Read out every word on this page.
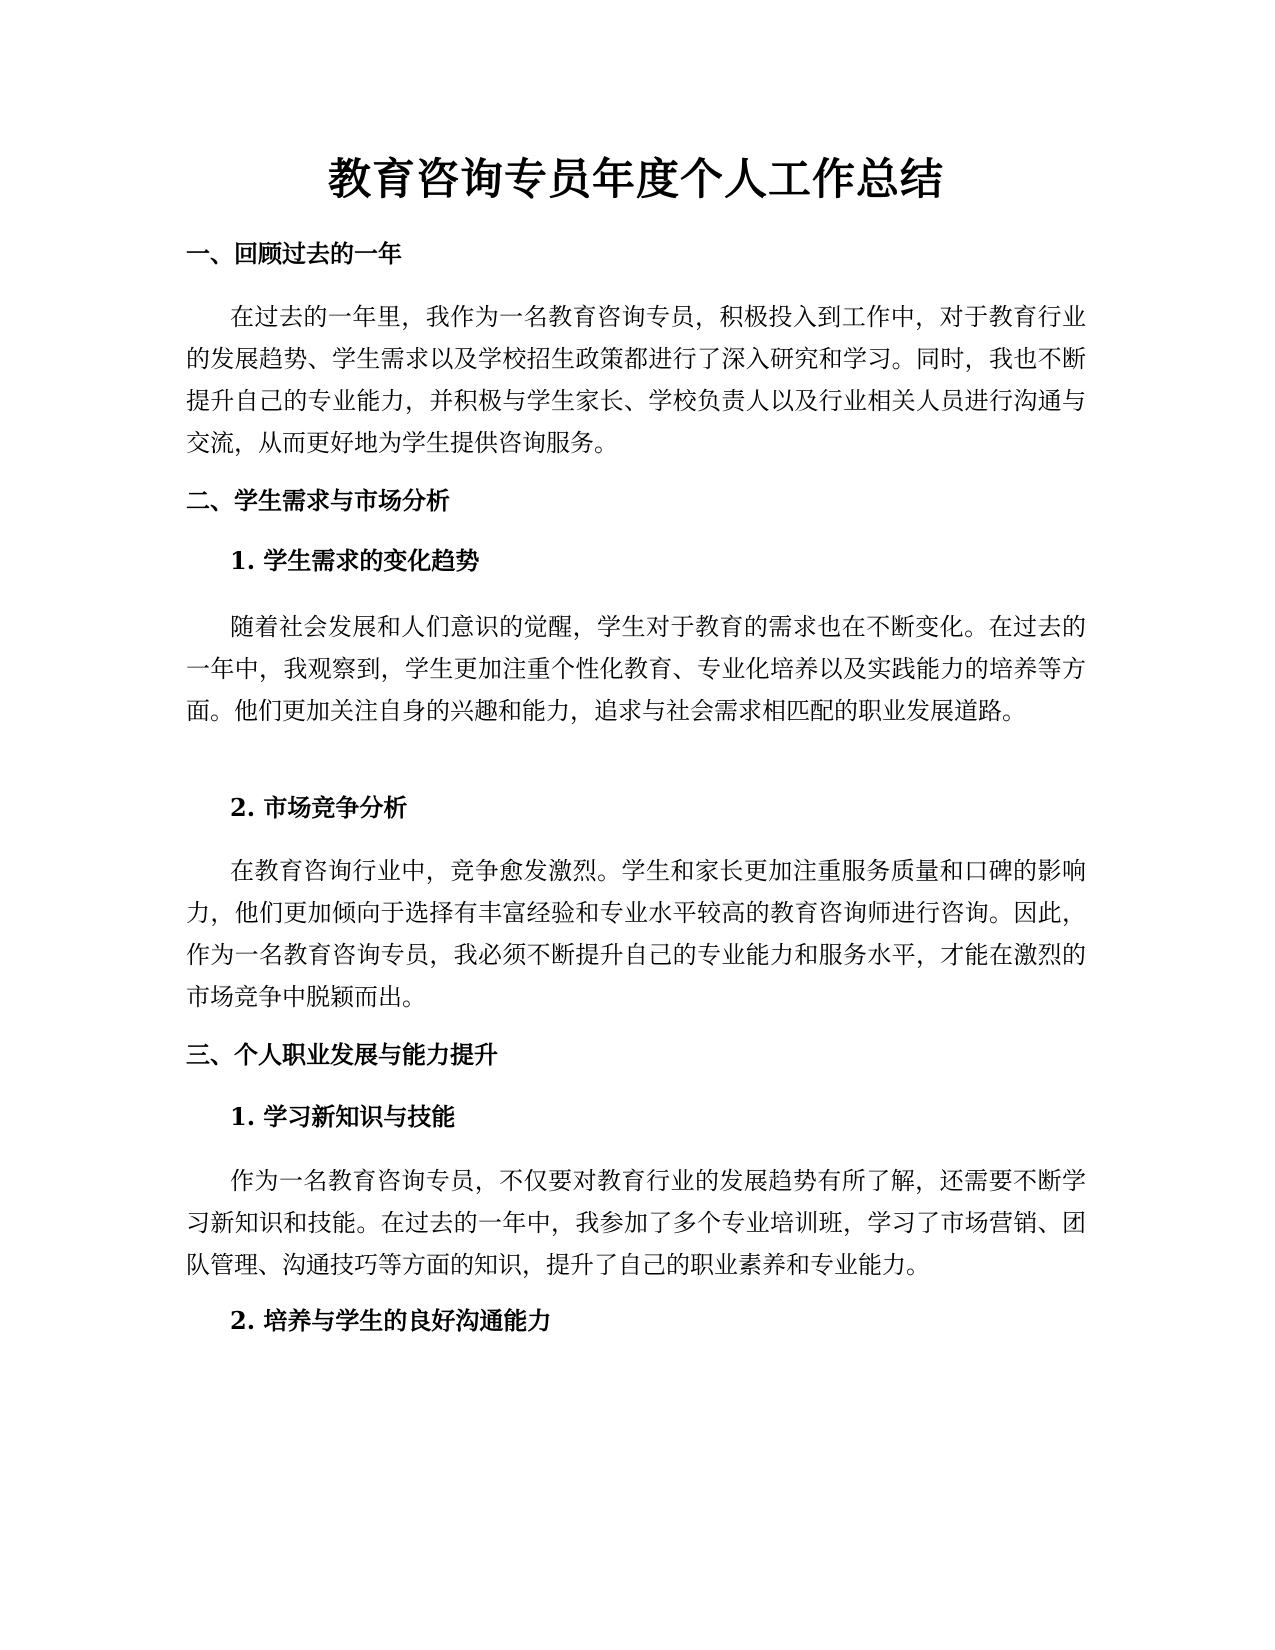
教育咨询专员年度个人工作总结
一、回顾过去的一年

在过去的一年里，我作为一名教育咨询专员，积极投入到工作中，对于教育行业的发展趋势、学生需求以及学校招生政策都进行了深入研究和学习。同时，我也不断提升自己的专业能力，并积极与学生家长、学校负责人以及行业相关人员进行沟通与交流，从而更好地为学生提供咨询服务。

二、学生需求与市场分析
1. 学生需求的变化趋势

随着社会发展和人们意识的觉醒，学生对于教育的需求也在不断变化。在过去的一年中，我观察到，学生更加注重个性化教育、专业化培养以及实践能力的培养等方面。他们更加关注自身的兴趣和能力，追求与社会需求相匹配的职业发展道路。

2. 市场竞争分析

在教育咨询行业中，竞争愈发激烈。学生和家长更加注重服务质量和口碑的影响力，他们更加倾向于选择有丰富经验和专业水平较高的教育咨询师进行咨询。因此，作为一名教育咨询专员，我必须不断提升自己的专业能力和服务水平，才能在激烈的市场竞争中脱颖而出。

三、个人职业发展与能力提升
1. 学习新知识与技能

作为一名教育咨询专员，不仅要对教育行业的发展趋势有所了解，还需要不断学习新知识和技能。在过去的一年中，我参加了多个专业培训班，学习了市场营销、团队管理、沟通技巧等方面的知识，提升了自己的职业素养和专业能力。

2. 培养与学生的良好沟通能力
